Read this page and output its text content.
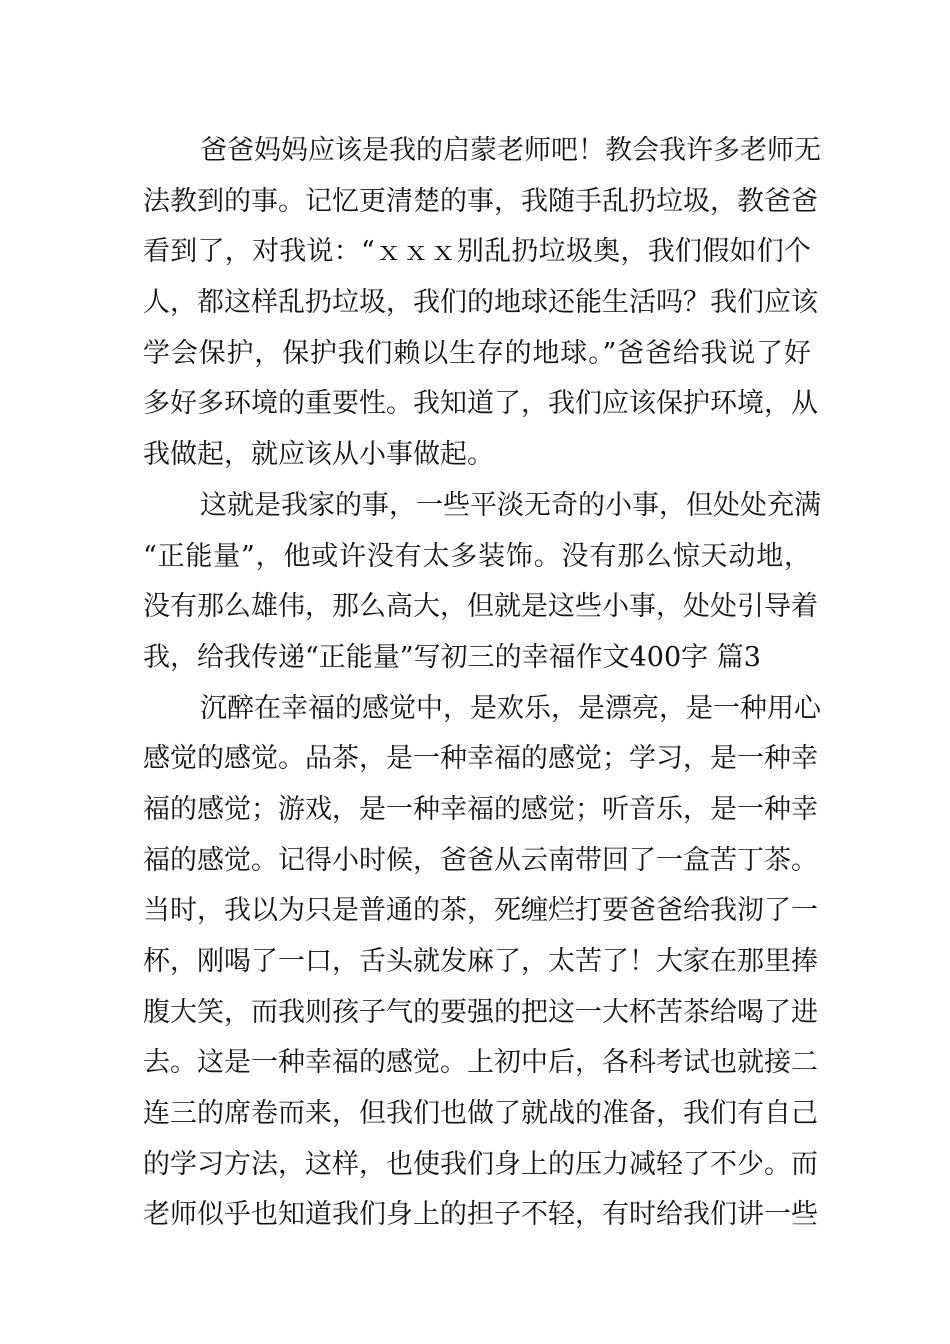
爸爸妈妈应该是我的启蒙老师吧！教会我许多老师无
法教到的事。记忆更清楚的事，我随手乱扔垃圾，教爸爸
看到了，对我说：“ｘｘｘ别乱扔垃圾奥，我们假如们个
人，都这样乱扔垃圾，我们的地球还能生活吗？我们应该
学会保护，保护我们赖以生存的地球。”爸爸给我说了好
多好多环境的重要性。我知道了，我们应该保护环境，从
我做起，就应该从小事做起。
这就是我家的事，一些平淡无奇的小事，但处处充满
“正能量”，他或许没有太多装饰。没有那么惊天动地，
没有那么雄伟，那么高大，但就是这些小事，处处引导着
我，给我传递“正能量”写初三的幸福作文400字 篇3
沉醉在幸福的感觉中，是欢乐，是漂亮，是一种用心
感觉的感觉。品茶，是一种幸福的感觉；学习，是一种幸
福的感觉；游戏，是一种幸福的感觉；听音乐，是一种幸
福的感觉。记得小时候，爸爸从云南带回了一盒苦丁茶。
当时，我以为只是普通的茶，死缠烂打要爸爸给我沏了一
杯，刚喝了一口，舌头就发麻了，太苦了！大家在那里捧
腹大笑，而我则孩子气的要强的把这一大杯苦茶给喝了进
去。这是一种幸福的感觉。上初中后，各科考试也就接二
连三的席卷而来，但我们也做了就战的准备，我们有自己
的学习方法，这样，也使我们身上的压力减轻了不少。而
老师似乎也知道我们身上的担子不轻，有时给我们讲一些
